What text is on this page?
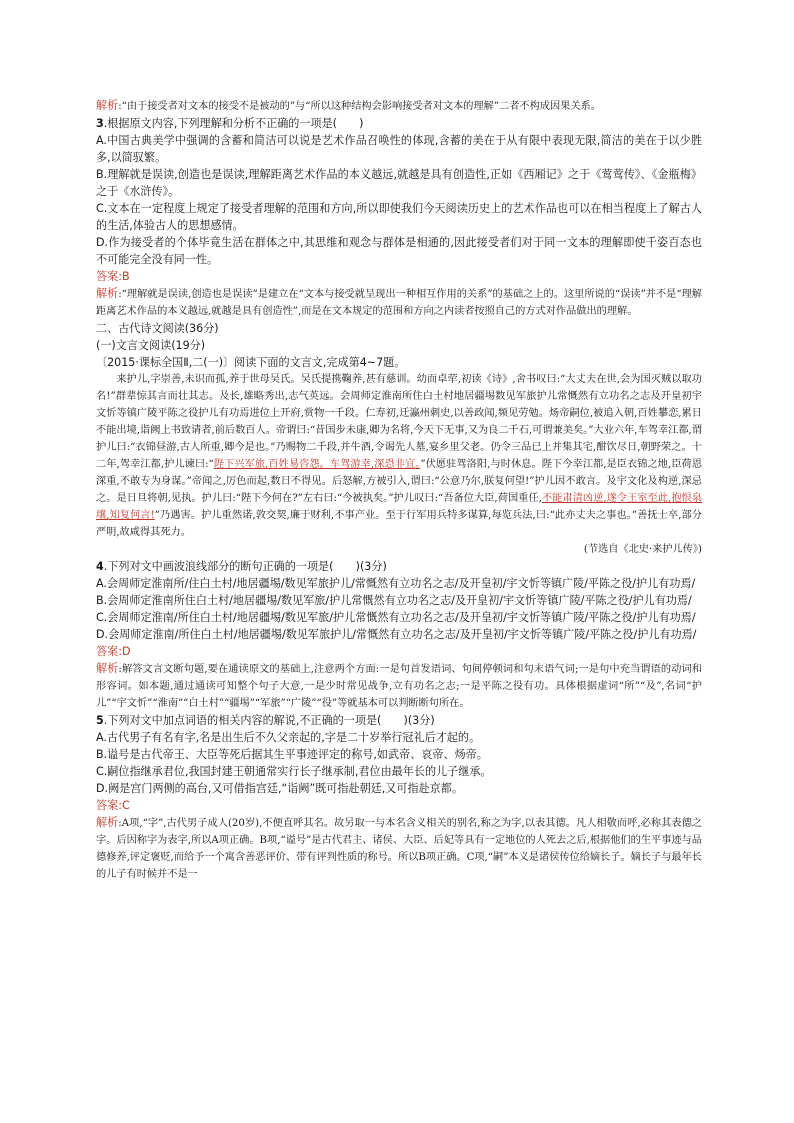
解析:“由于接受者对文本的接受不是被动的”与“所以这种结构会影响接受者对文本的理解”二者不构成因果关系。

3.根据原文内容,下列理解和分析不正确的一项是(　　)

A.中国古典美学中强调的含蓄和简洁可以说是艺术作品召唤性的体现,含蓄的美在于从有限中表现无限,简洁的美在于以少胜多,以简驭繁。

B.理解就是误读,创造也是误读,理解距离艺术作品的本义越远,就越是具有创造性,正如《西厢记》之于《莺莺传》、《金瓶梅》之于《水浒传》。

C.文本在一定程度上规定了接受者理解的范围和方向,所以即使我们今天阅读历史上的艺术作品也可以在相当程度上了解古人的生活,体验古人的思想感情。

D.作为接受者的个体毕竟生活在群体之中,其思维和观念与群体是相通的,因此接受者们对于同一文本的理解即使千姿百态也不可能完全没有同一性。

答案:B

解析:“理解就是误读,创造也是误读”是建立在“文本与接受就呈现出一种相互作用的关系”的基础之上的。这里所说的“误读”并不是“理解距离艺术作品的本义越远,就越是具有创造性”,而是在文本规定的范围和方向之内读者按照自己的方式对作品做出的理解。

二、古代诗文阅读(36分)

(一)文言文阅读(19分)

〔2015·课标全国Ⅱ,二(一)〕阅读下面的文言文,完成第4~7题。

来护儿,字崇善,未识而孤,养于世母吴氏。吴氏提携鞠养,甚有慈训。幼而卓荦,初读《诗》,舍书叹曰:“大丈夫在世,会为国灭贼以取功名!”群辈惊其言而壮其志。及长,雄略秀出,志气英远。会周师定淮南所住白土村地居疆埸数见军旅护儿常慨然有立功名之志及开皇初宇文忻等镇广陵平陈之役护儿有功焉进位上开府,赏物一千段。仁寿初,迁瀛州刺史,以善政闻,频见劳勉。炀帝嗣位,被追入朝,百姓攀恋,累日不能出境,诣阙上书致请者,前后数百人。帝谓曰:“昔国步未康,卿为名将,今天下无事,又为良二千石,可谓兼美矣。”大业六年,车驾幸江都,谓护儿曰:“衣锦昼游,古人所重,卿今是也。”乃赐物二千段,并牛酒,令谒先人墓,宴乡里父老。仍令三品已上并集其宅,酣饮尽日,朝野荣之。十二年,驾幸江都,护儿谏曰:“陛下兴军旅,百姓易咨怨。车驾游幸,深恐非宜。”伏愿驻驾洛阳,与时休息。陛下今幸江都,是臣衣锦之地,臣荷恩深重,不敢专为身谋。”帝闻之,厉色而起,数日不得见。后怒解,方被引入,谓曰:“公意乃尔,朕复何望!”护儿因不敢言。及宇文化及构逆,深忌之。是日旦将朝,见执。护儿曰:“陛下今何在?”左右曰:“今被执矣。”护儿叹曰:“吾备位大臣,荷国重任,不能肃清凶逆,遂令王室至此,抱恨泉壤,知复何言!”乃遇害。护儿重然诺,敦交契,廉于财利,不事产业。至于行军用兵特多谋算,每览兵法,曰:“此亦丈夫之事也。”善抚士卒,部分严明,故咸得其死力。

(节选自《北史·来护儿传》)

4.下列对文中画波浪线部分的断句正确的一项是(　　)(3分)

A.会周师定淮南所/住白土村/地居疆埸/数见军旅护儿/常慨然有立功名之志/及开皇初/宇文忻等镇广陵/平陈之役/护儿有功焉/

B.会周师定淮南所住白土村/地居疆埸/数见军旅/护儿常慨然有立功名之志/及开皇初/宇文忻等镇广陵/平陈之役/护儿有功焉/

C.会周师定淮南/所住白土村/地居疆埸/数见军旅/护儿常慨然有立功名之志/及开皇初/宇文忻等镇广陵/平陈之役/护儿有功焉/

D.会周师定淮南/所住白土村/地居疆埸/数见军旅护儿/常慨然有立功名之志/及开皇初/宇文忻等镇广陵/平陈之役/护儿有功焉/

答案:D

解析:解答文言文断句题,要在通读原文的基础上,注意两个方面:一是句首发语词、句间停顿词和句末语气词;一是句中充当谓语的动词和形容词。如本题,通过通读可知整个句子大意,一是少时常见战争,立有功名之志;一是平陈之役有功。具体根据虚词“所”“及”,名词“护儿”“宇文忻”“淮南”“白土村”“疆埸”“军旅”“广陵”“役”等就基本可以判断断句所在。

5.下列对文中加点词语的相关内容的解说,不正确的一项是(　　)(3分)

A.古代男子有名有字,名是出生后不久父亲起的,字是二十岁举行冠礼后才起的。

B.谥号是古代帝王、大臣等死后据其生平事迹评定的称号,如武帝、哀帝、炀帝。

C.嗣位指继承君位,我国封建王朝通常实行长子继承制,君位由最年长的儿子继承。

D.阙是宫门两侧的高台,又可借指宫廷,“诣阙”既可指赴朝廷,又可指赴京都。

答案:C

解析:A项,“字”,古代男子成人(20岁),不便直呼其名。故另取一与本名含义相关的别名,称之为字,以表其德。凡人相敬而呼,必称其表德之字。后因称字为表字,所以A项正确。B项,“谥号”是古代君主、诸侯、大臣、后妃等具有一定地位的人死去之后,根据他们的生平事迹与品德修养,评定褒贬,而给予一个寓含善恶评价、带有评判性质的称号。所以B项正确。C项,“嗣”本义是诸侯传位给嫡长子。嫡长子与最年长的儿子有时候并不是一
